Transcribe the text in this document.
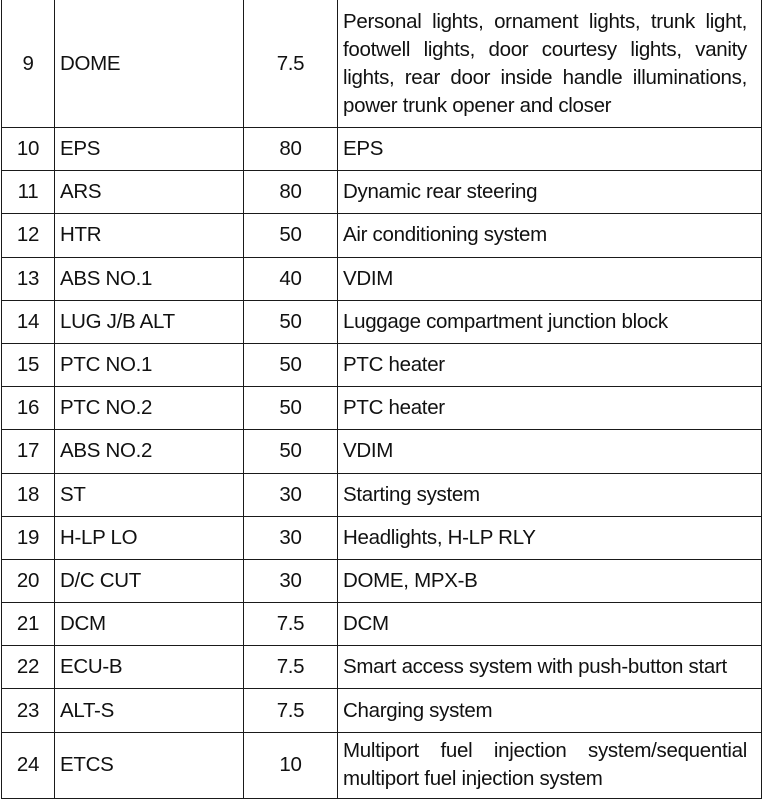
9	DOME	7.5	Personal lights, ornament lights, trunk light, footwell lights, door courtesy lights, vanity lights, rear door inside handle illuminations, power trunk opener and closer
10	EPS	80	EPS
11	ARS	80	Dynamic rear steering
12	HTR	50	Air conditioning system
13	ABS NO.1	40	VDIM
14	LUG J/B ALT	50	Luggage compartment junction block
15	PTC NO.1	50	PTC heater
16	PTC NO.2	50	PTC heater
17	ABS NO.2	50	VDIM
18	ST	30	Starting system
19	H-LP LO	30	Headlights, H-LP RLY
20	D/C CUT	30	DOME, MPX-B
21	DCM	7.5	DCM
22	ECU-B	7.5	Smart access system with push-button start
23	ALT-S	7.5	Charging system
24	ETCS	10	Multiport fuel injection system/sequential multiport fuel injection system
